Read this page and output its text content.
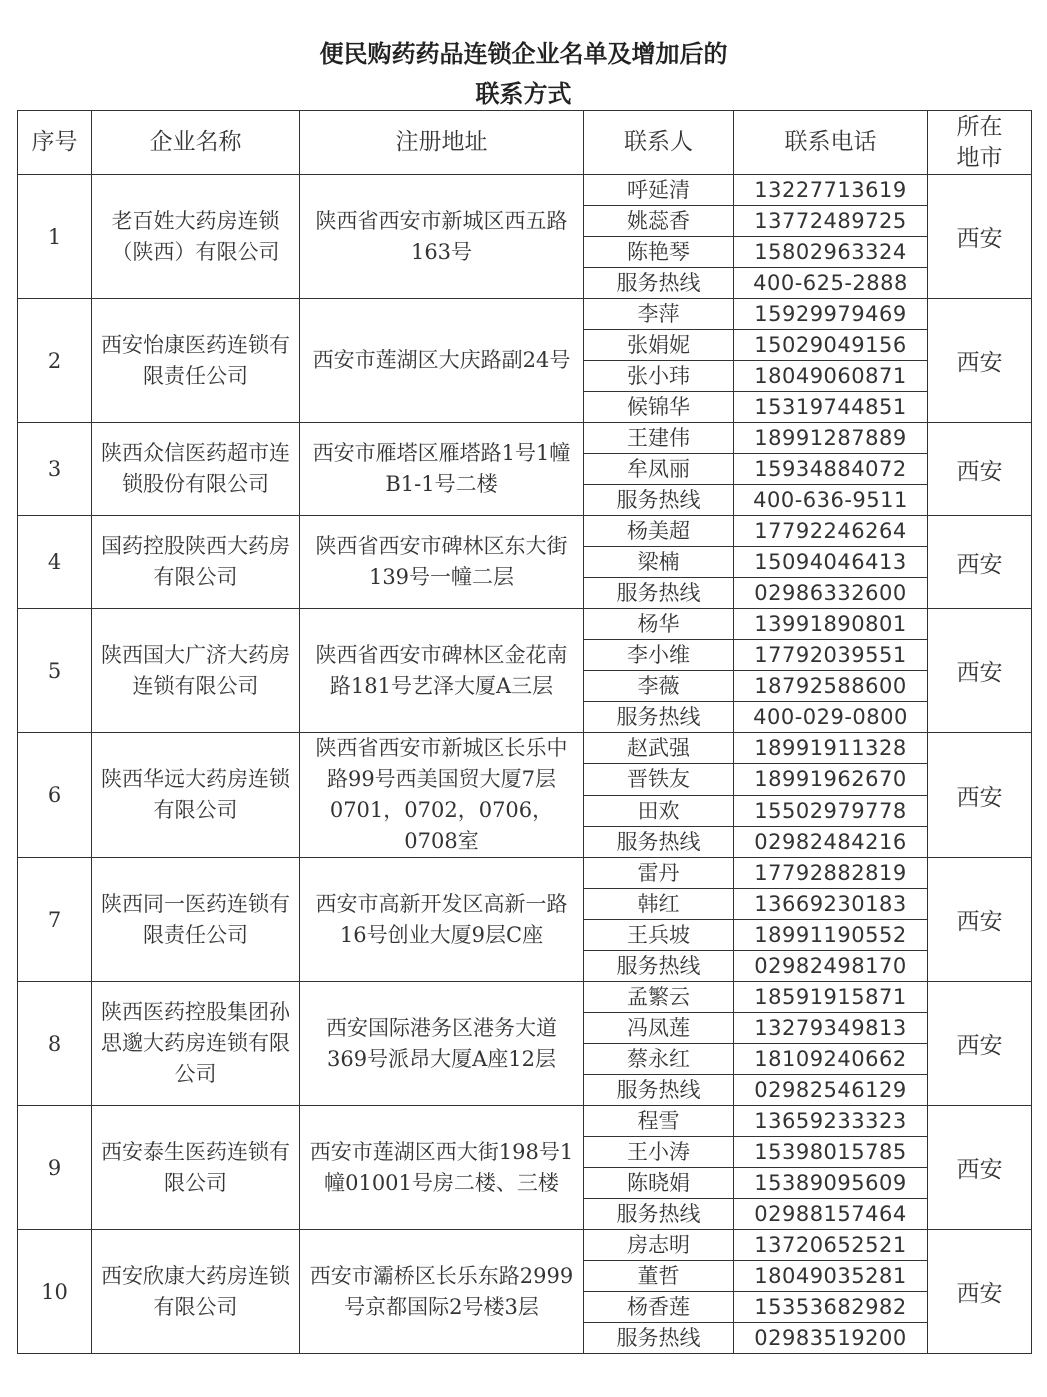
便民购药药品连锁企业名单及增加后的
联系方式
序号	企业名称	注册地址	联系人	联系电话	所在地市
1	老百姓大药房连锁（陕西）有限公司	陕西省西安市新城区西五路163号	呼延清	13227713619	西安
			姚蕊香	13772489725	
			陈艳琴	15802963324	
			服务热线	400-625-2888	
2	西安怡康医药连锁有限责任公司	西安市莲湖区大庆路副24号	李萍	15929979469	西安
			张娟妮	15029049156	
			张小玮	18049060871	
			候锦华	15319744851	
3	陕西众信医药超市连锁股份有限公司	西安市雁塔区雁塔路1号1幢B1-1号二楼	王建伟	18991287889	西安
			牟凤丽	15934884072	
			服务热线	400-636-9511	
4	国药控股陕西大药房有限公司	陕西省西安市碑林区东大街139号一幢二层	杨美超	17792246264	西安
			梁楠	15094046413	
			服务热线	02986332600	
5	陕西国大广济大药房连锁有限公司	陕西省西安市碑林区金花南路181号艺泽大厦A三层	杨华	13991890801	西安
			李小维	17792039551	
			李薇	18792588600	
			服务热线	400-029-0800	
6	陕西华远大药房连锁有限公司	陕西省西安市新城区长乐中路99号西美国贸大厦7层0701，0702，0706，0708室	赵武强	18991911328	西安
			晋铁友	18991962670	
			田欢	15502979778	
			服务热线	02982484216	
7	陕西同一医药连锁有限责任公司	西安市高新开发区高新一路16号创业大厦9层C座	雷丹	17792882819	西安
			韩红	13669230183	
			王兵坡	18991190552	
			服务热线	02982498170	
8	陕西医药控股集团孙思邈大药房连锁有限公司	西安国际港务区港务大道369号派昂大厦A座12层	孟繁云	18591915871	西安
			冯凤莲	13279349813	
			蔡永红	18109240662	
			服务热线	02982546129	
9	西安泰生医药连锁有限公司	西安市莲湖区西大街198号1幢01001号房二楼、三楼	程雪	13659233323	西安
			王小涛	15398015785	
			陈晓娟	15389095609	
			服务热线	02988157464	
10	西安欣康大药房连锁有限公司	西安市灞桥区长乐东路2999号京都国际2号楼3层	房志明	13720652521	西安
			董哲	18049035281	
			杨香莲	15353682982	
			服务热线	02983519200	
